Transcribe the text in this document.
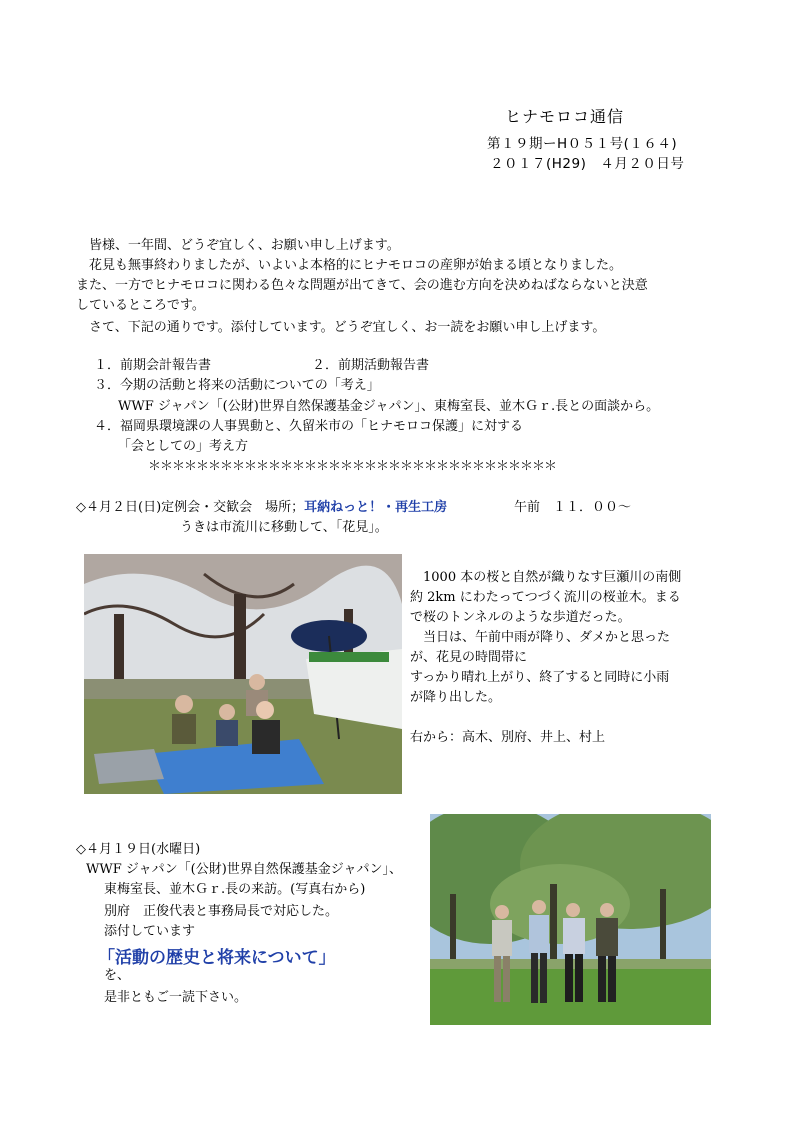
ヒナモロコ通信
第１９期ーH０５１号(１６４)
２０１７(H29)　４月２０日号
　皆様、一年間、どうぞ宜しく、お願い申し上げます。
　花見も無事終わりましたが、いよいよ本格的にヒナモロコの産卵が始まる頃となりました。
また、一方でヒナモロコに関わる色々な問題が出てきて、会の進む方向を決めねばならないと決意
しているところです。
　さて、下記の通りです。添付しています。どうぞ宜しく、お一読をお願い申し上げます。
１．前期会計報告書	２．前期活動報告書
３．今期の活動と将来の活動についての「考え」
WWF ジャパン「(公財)世界自然保護基金ジャパン」、東梅室長、並木Ｇｒ.長との面談から。
４．福岡県環境課の人事異動と、久留米市の「ヒナモロコ保護」に対する
「会としての」考え方
＊＊＊＊＊＊＊＊＊＊＊＊＊＊＊＊＊＊＊＊＊＊＊＊＊＊＊＊＊＊＊＊＊＊
◇４月２日(日)定例会・交歓会　場所；耳納ねっと！・再生工房	午前　１１．００～
うきは市流川に移動して、「花見」。
　1000 本の桜と自然が織りなす巨瀬川の南側
約 2km にわたってつづく流川の桜並木。まる
で桜のトンネルのような歩道だった。
　当日は、午前中雨が降り、ダメかと思った
が、花見の時間帯に
すっかり晴れ上がり、終了すると同時に小雨
が降り出した。
右から：高木、別府、井上、村上
◇４月１９日(水曜日)
WWF ジャパン「(公財)世界自然保護基金ジャパン」、
東梅室長、並木Ｇｒ.長の来訪。(写真右から)
別府　正俊代表と事務局長で対応した。
添付しています
「活動の歴史と将来について」
を、
是非ともご一読下さい。
